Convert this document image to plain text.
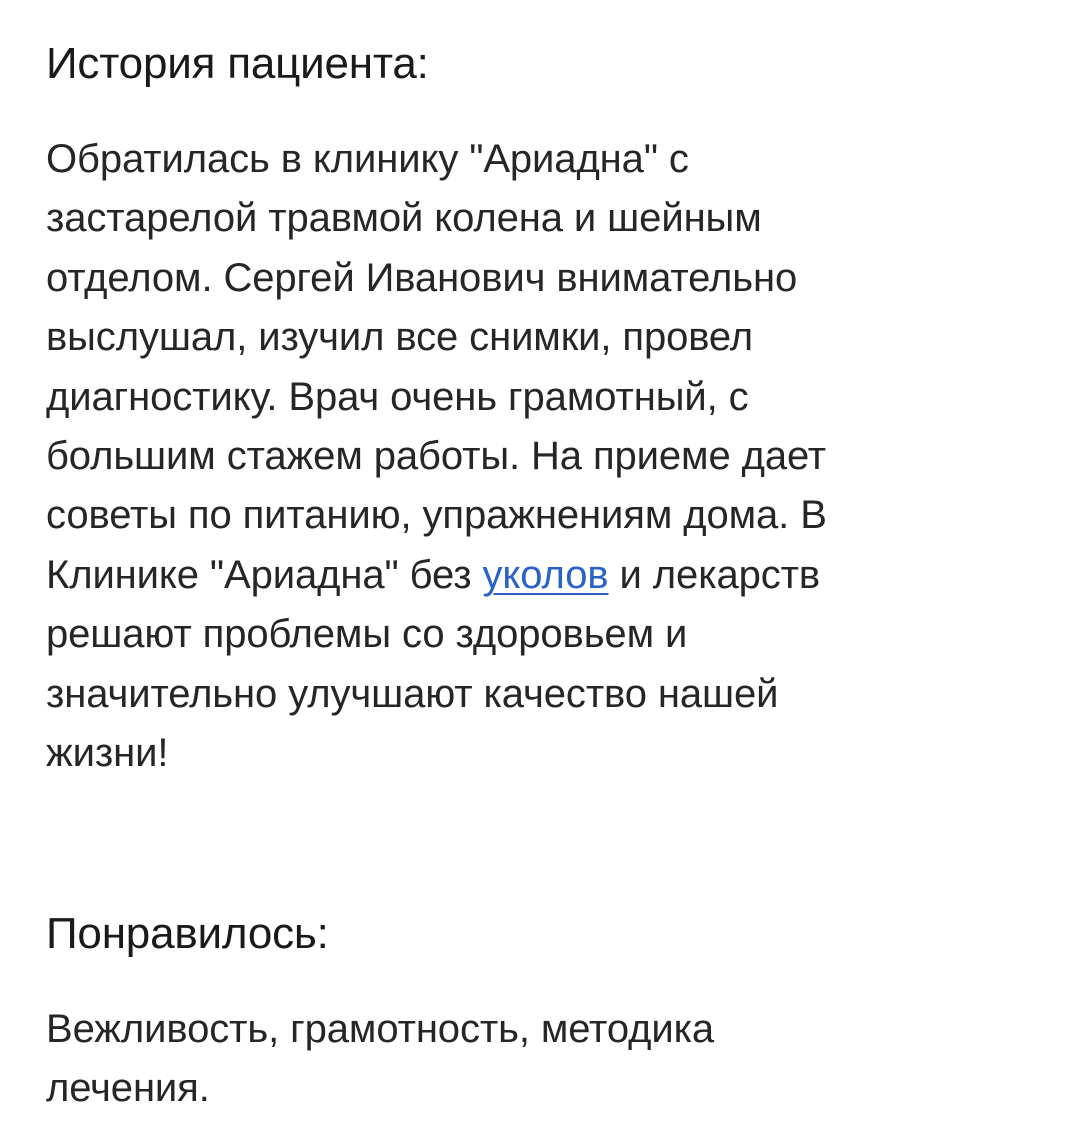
История пациента:

Обратилась в клинику "Ариадна" с
застарелой травмой колена и шейным
отделом. Сергей Иванович внимательно
выслушал, изучил все снимки, провел
диагностику. Врач очень грамотный, с
большим стажем работы. На приеме дает
советы по питанию, упражнениям дома. В
Клинике "Ариадна" без уколов и лекарств
решают проблемы со здоровьем и
значительно улучшают качество нашей
жизни!

Понравилось:

Вежливость, грамотность, методика
лечения.
